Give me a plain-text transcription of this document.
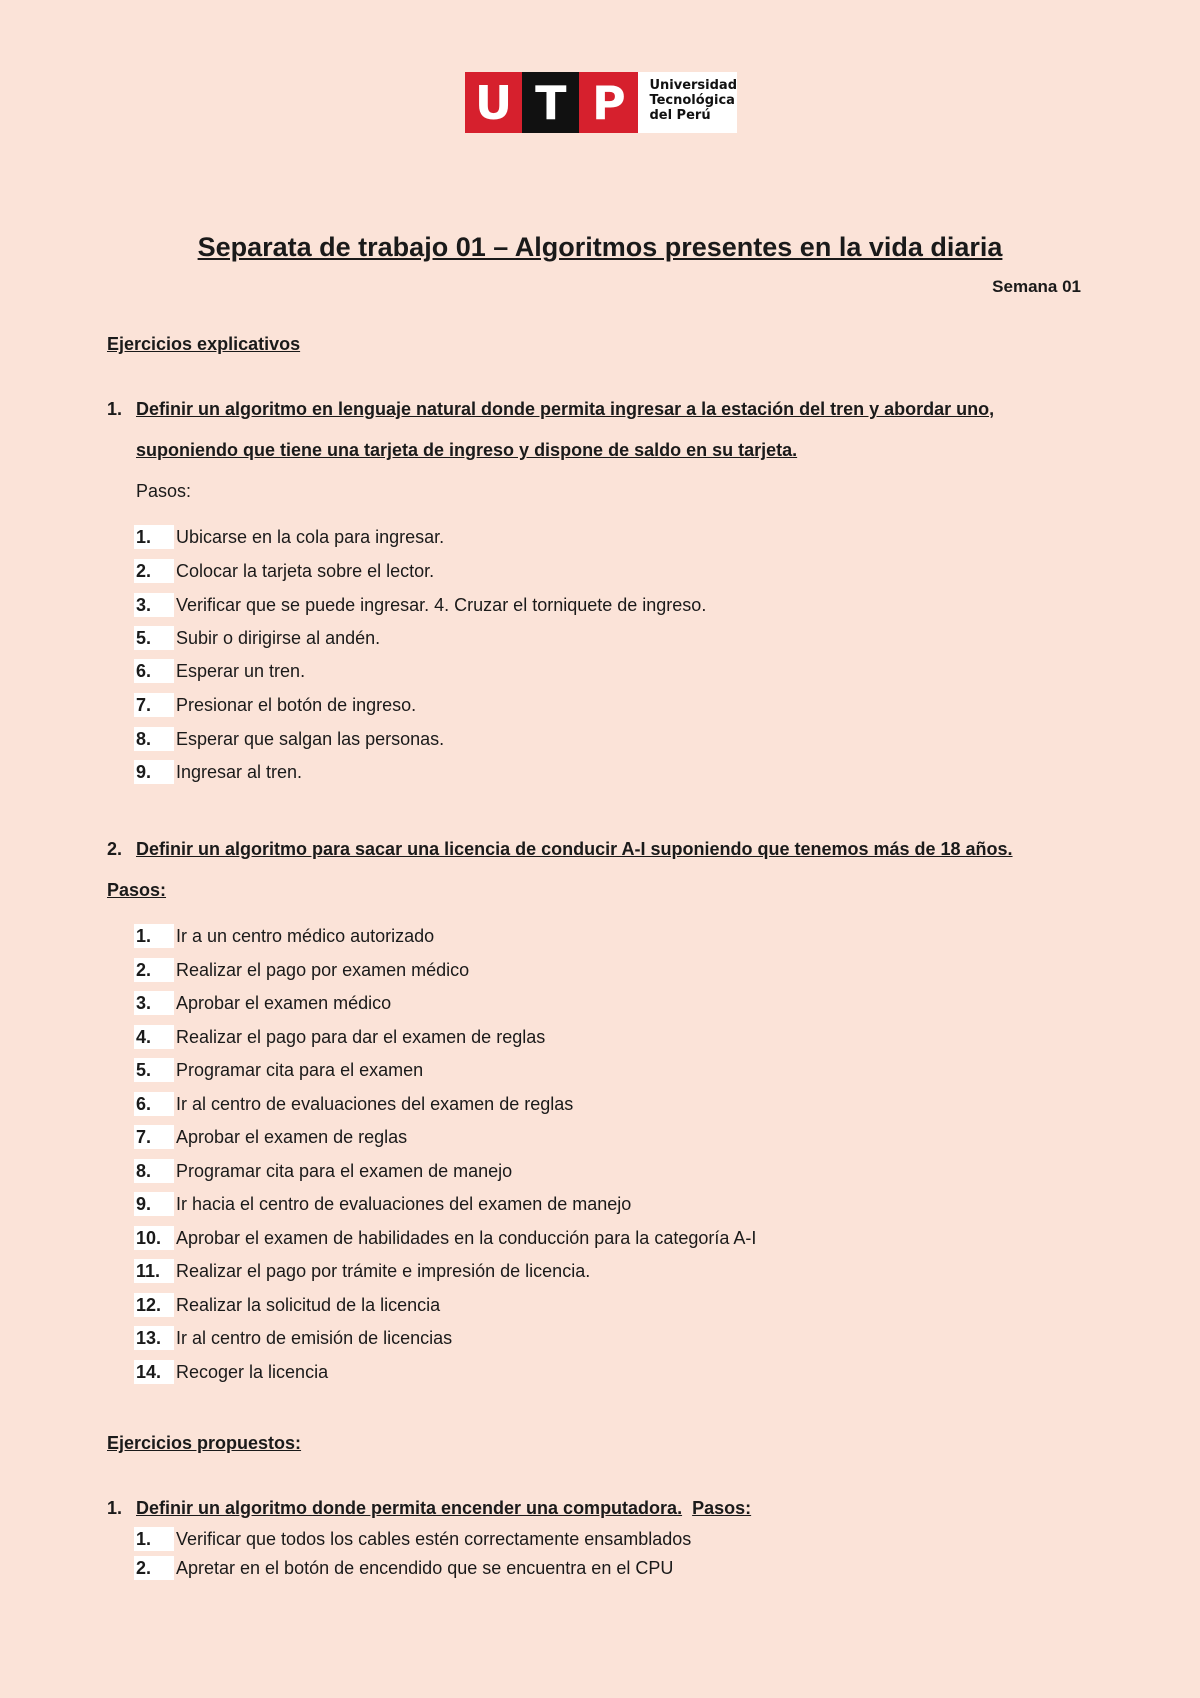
U T P	Universidad
Tecnológica
del Perú
Separata de trabajo 01 – Algoritmos presentes en la vida diaria
Semana 01
Ejercicios explicativos
1. Definir un algoritmo en lenguaje natural donde permita ingresar a la estación del tren y abordar uno,
suponiendo que tiene una tarjeta de ingreso y dispone de saldo en su tarjeta.
Pasos:
1. Ubicarse en la cola para ingresar.
2. Colocar la tarjeta sobre el lector.
3. Verificar que se puede ingresar. 4. Cruzar el torniquete de ingreso.
5. Subir o dirigirse al andén.
6. Esperar un tren.
7. Presionar el botón de ingreso.
8. Esperar que salgan las personas.
9. Ingresar al tren.
2. Definir un algoritmo para sacar una licencia de conducir A-I suponiendo que tenemos más de 18 años.
Pasos:
1. Ir a un centro médico autorizado
2. Realizar el pago por examen médico
3. Aprobar el examen médico
4. Realizar el pago para dar el examen de reglas
5. Programar cita para el examen
6. Ir al centro de evaluaciones del examen de reglas
7. Aprobar el examen de reglas
8. Programar cita para el examen de manejo
9. Ir hacia el centro de evaluaciones del examen de manejo
10. Aprobar el examen de habilidades en la conducción para la categoría A-I
11. Realizar el pago por trámite e impresión de licencia.
12. Realizar la solicitud de la licencia
13. Ir al centro de emisión de licencias
14. Recoger la licencia
Ejercicios propuestos:
1. Definir un algoritmo donde permita encender una computadora. Pasos:
1. Verificar que todos los cables estén correctamente ensamblados
2. Apretar en el botón de encendido que se encuentra en el CPU
